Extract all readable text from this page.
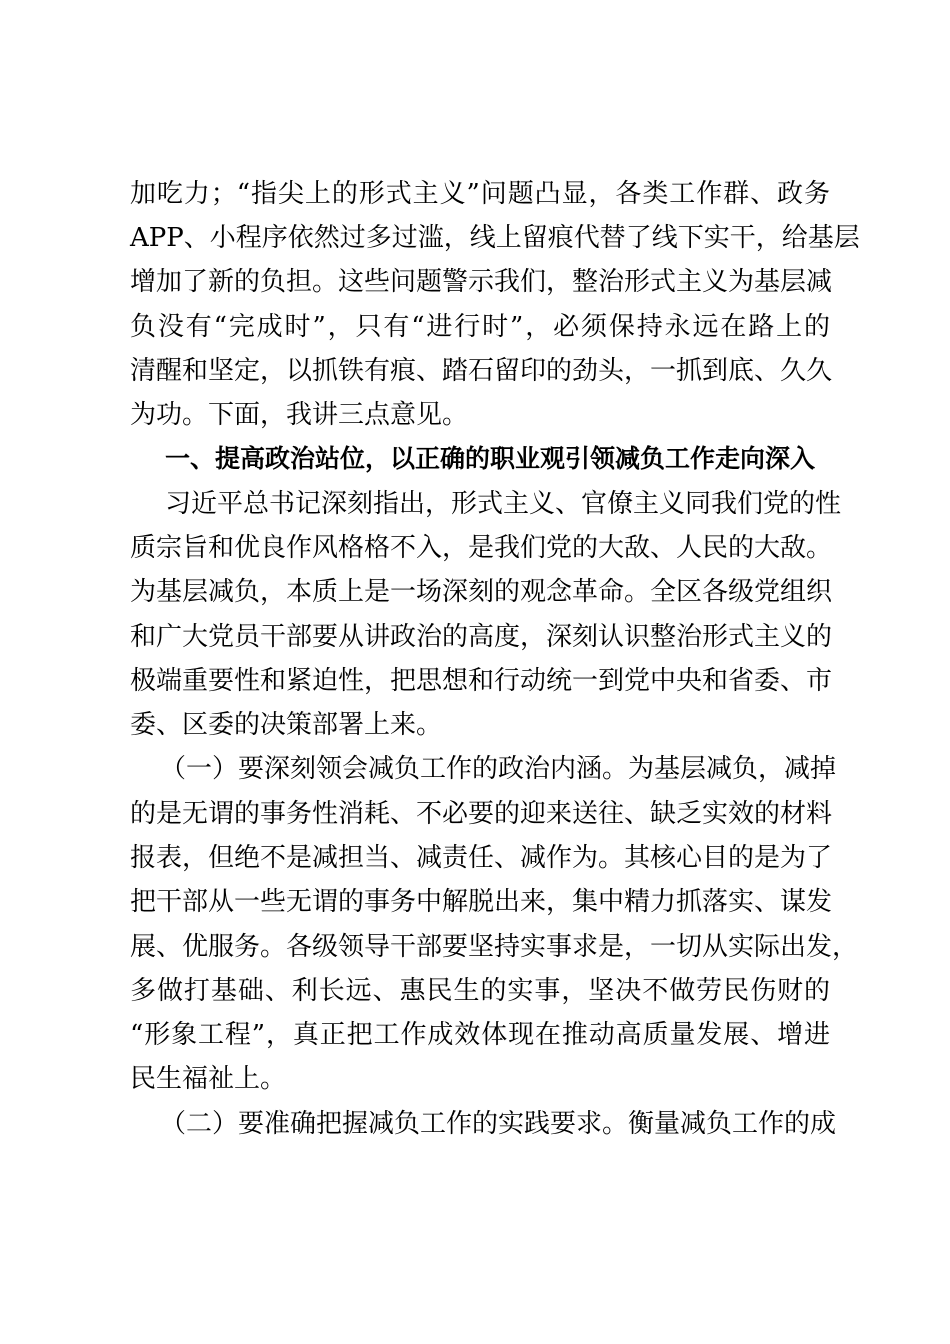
加吃力；“指尖上的形式主义”问题凸显，各类工作群、政务
APP、小程序依然过多过滥，线上留痕代替了线下实干，给基层
增加了新的负担。这些问题警示我们，整治形式主义为基层减
负没有“完成时”，只有“进行时”，必须保持永远在路上的
清醒和坚定，以抓铁有痕、踏石留印的劲头，一抓到底、久久
为功。下面，我讲三点意见。
一、提高政治站位，以正确的职业观引领减负工作走向深入
习近平总书记深刻指出，形式主义、官僚主义同我们党的性
质宗旨和优良作风格格不入，是我们党的大敌、人民的大敌。
为基层减负，本质上是一场深刻的观念革命。全区各级党组织
和广大党员干部要从讲政治的高度，深刻认识整治形式主义的
极端重要性和紧迫性，把思想和行动统一到党中央和省委、市
委、区委的决策部署上来。
（一）要深刻领会减负工作的政治内涵。为基层减负，减掉
的是无谓的事务性消耗、不必要的迎来送往、缺乏实效的材料
报表，但绝不是减担当、减责任、减作为。其核心目的是为了
把干部从一些无谓的事务中解脱出来，集中精力抓落实、谋发
展、优服务。各级领导干部要坚持实事求是，一切从实际出发，
多做打基础、利长远、惠民生的实事，坚决不做劳民伤财的
“形象工程”，真正把工作成效体现在推动高质量发展、增进
民生福祉上。
（二）要准确把握减负工作的实践要求。衡量减负工作的成
